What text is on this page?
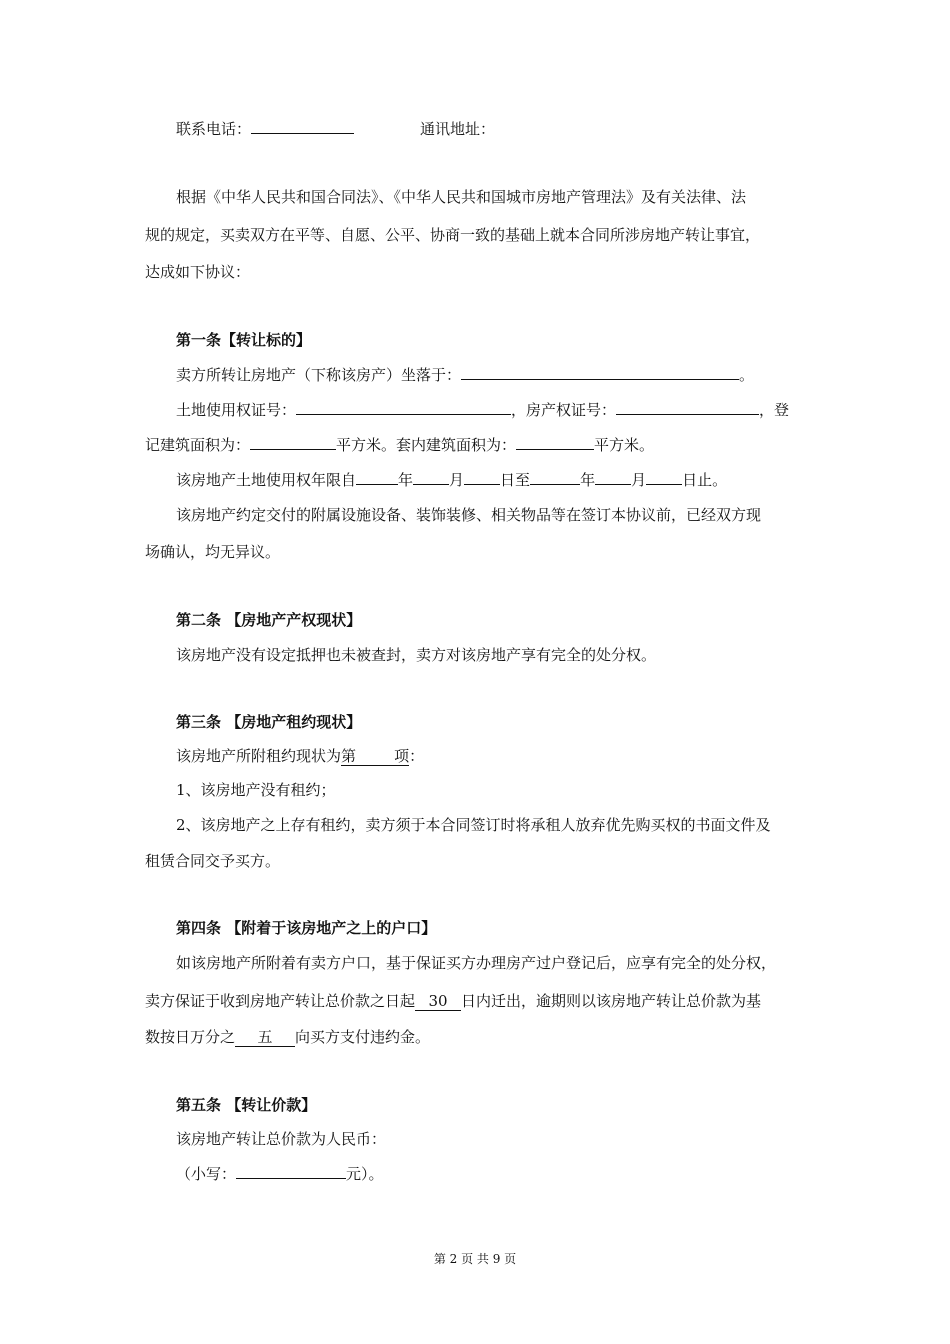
联系电话：	通讯地址：
根据《中华人民共和国合同法》、《中华人民共和国城市房地产管理法》及有关法律、法
规的规定，买卖双方在平等、自愿、公平、协商一致的基础上就本合同所涉房地产转让事宜，
达成如下协议：
第一条【转让标的】
卖方所转让房地产（下称该房产）坐落于：	。
土地使用权证号：	，房产权证号：	，登
记建筑面积为：	平方米。套内建筑面积为：	平方米。
该房地产土地使用权年限自	年 月 日至	年 月 日止。
该房地产约定交付的附属设施设备、装饰装修、相关物品等在签订本协议前，已经双方现
场确认，均无异议。
第二条 【房地产产权现状】
该房地产没有设定抵押也未被查封，卖方对该房地产享有完全的处分权。
第三条 【房地产租约现状】
该房地产所附租约现状为第        项：
1、该房地产没有租约；
2、该房地产之上存有租约，卖方须于本合同签订时将承租人放弃优先购买权的书面文件及
租赁合同交予买方。
第四条 【附着于该房地产之上的户口】
如该房地产所附着有卖方户口，基于保证买方办理房产过户登记后，应享有完全的处分权，
卖方保证于收到房地产转让总价款之日起 30 日内迁出，逾期则以该房地产转让总价款为基
数按日万分之 五 向买方支付违约金。
第五条 【转让价款】
该房地产转让总价款为人民币：
（小写：	元）。
第 2 页 共 9 页
